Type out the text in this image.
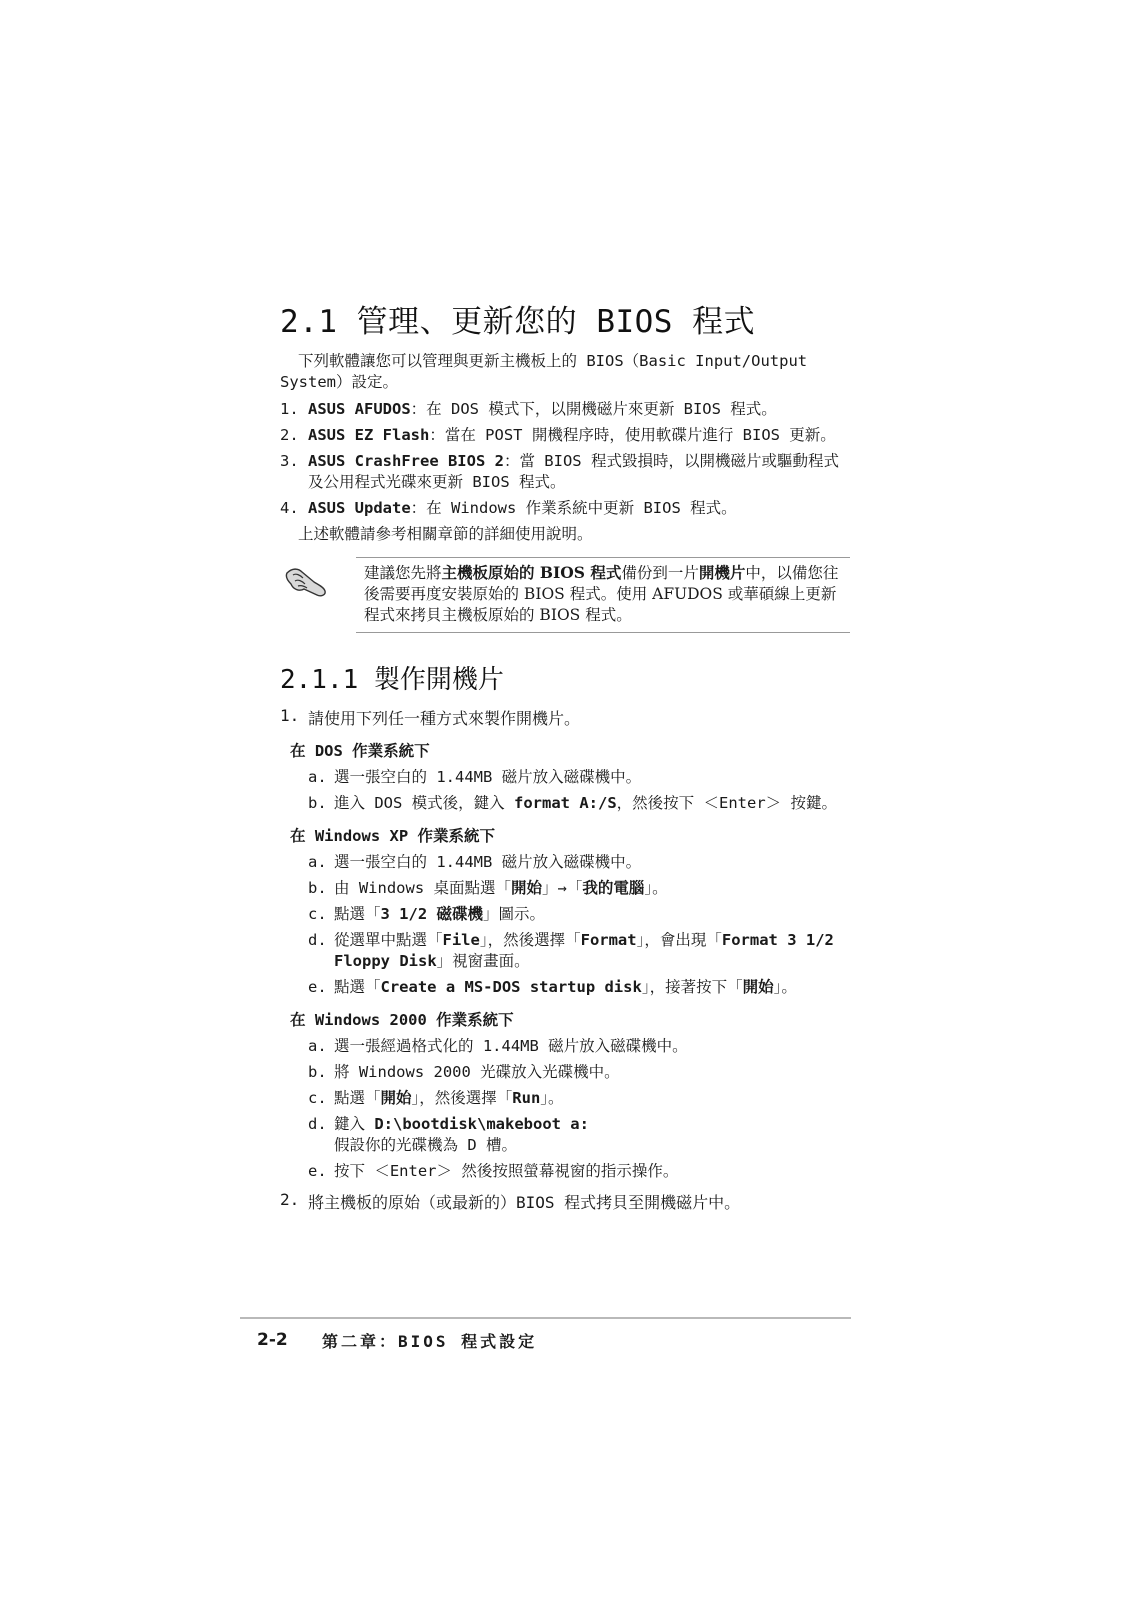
2.1 管理、更新您的 BIOS 程式

下列軟體讓您可以管理與更新主機板上的 BIOS（Basic Input/Output System）設定。

1. ASUS AFUDOS：在 DOS 模式下，以開機磁片來更新 BIOS 程式。
2. ASUS EZ Flash：當在 POST 開機程序時，使用軟碟片進行 BIOS 更新。
3. ASUS CrashFree BIOS 2：當 BIOS 程式毀損時，以開機磁片或驅動程式及公用程式光碟來更新 BIOS 程式。
4. ASUS Update：在 Windows 作業系統中更新 BIOS 程式。

上述軟體請參考相關章節的詳細使用說明。

建議您先將主機板原始的 BIOS 程式備份到一片開機片中，以備您往後需要再度安裝原始的 BIOS 程式。使用 AFUDOS 或華碩線上更新程式來拷貝主機板原始的 BIOS 程式。
2.1.1 製作開機片
1. 請使用下列任一種方式來製作開機片。
在 DOS 作業系統下
a. 選一張空白的 1.44MB 磁片放入磁碟機中。
b. 進入 DOS 模式後，鍵入 format A:/S，然後按下 ＜Enter＞ 按鍵。
在 Windows XP 作業系統下
a. 選一張空白的 1.44MB 磁片放入磁碟機中。
b. 由 Windows 桌面點選「開始」→「我的電腦」。
c. 點選「3 1/2 磁碟機」圖示。
d. 從選單中點選「File」，然後選擇「Format」，會出現「Format 3 1/2 Floppy Disk」視窗畫面。
e. 點選「Create a MS-DOS startup disk」，接著按下「開始」。
在 Windows 2000 作業系統下
a. 選一張經過格式化的 1.44MB 磁片放入磁碟機中。
b. 將 Windows 2000 光碟放入光碟機中。
c. 點選「開始」，然後選擇「Run」。
d. 鍵入 D:\bootdisk\makeboot a:
假設你的光碟機為 D 槽。
e. 按下 ＜Enter＞ 然後按照螢幕視窗的指示操作。
2. 將主機板的原始（或最新的）BIOS 程式拷貝至開機磁片中。
2-2 第二章：BIOS 程式設定
